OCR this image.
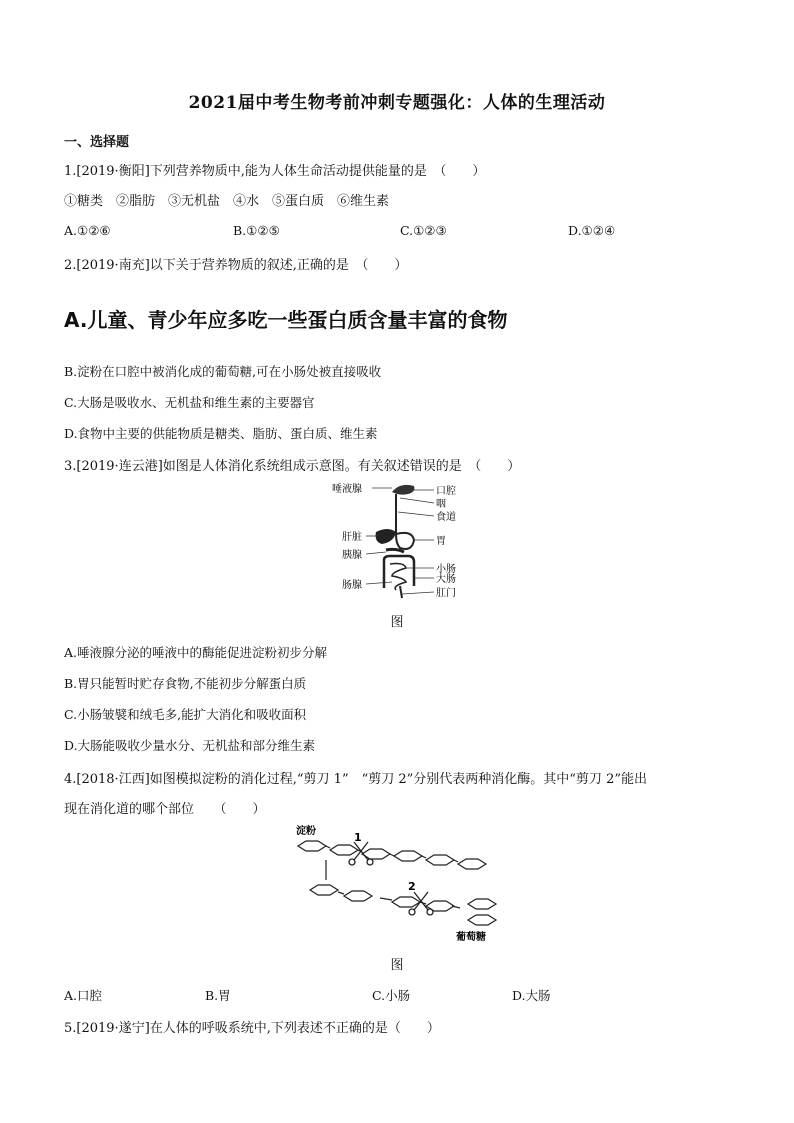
2021届中考生物考前冲刺专题强化：人体的生理活动
一、选择题
1.[2019·衡阳]下列营养物质中,能为人体生命活动提供能量的是　（　　）
①糖类　②脂肪　③无机盐　④水　⑤蛋白质　⑥维生素
A.①②⑥	B.①②⑤	C.①②③	D.①②④
2.[2019·南充]以下关于营养物质的叙述,正确的是　（　　）
A.儿童、青少年应多吃一些蛋白质含量丰富的食物
B.淀粉在口腔中被消化成的葡萄糖,可在小肠处被直接吸收
C.大肠是吸收水、无机盐和维生素的主要器官
D.食物中主要的供能物质是糖类、脂肪、蛋白质、维生素
3.[2019·连云港]如图是人体消化系统组成示意图。有关叙述错误的是　（　　）
唾液腺	口腔
咽
食道
肝脏	胃
胰腺
小肠
大肠
肠腺
肛门
图
A.唾液腺分泌的唾液中的酶能促进淀粉初步分解
B.胃只能暂时贮存食物,不能初步分解蛋白质
C.小肠皱襞和绒毛多,能扩大消化和吸收面积
D.大肠能吸收少量水分、无机盐和部分维生素
4.[2018·江西]如图模拟淀粉的消化过程,“剪刀 1”　“剪刀 2”分别代表两种消化酶。其中“剪刀 2”能出
现在消化道的哪个部位　　（　　）
淀粉	1
2
葡萄糖
图
A.口腔	B.胃	C.小肠	D.大肠
5.[2019·遂宁]在人体的呼吸系统中,下列表述不正确的是（　　）
